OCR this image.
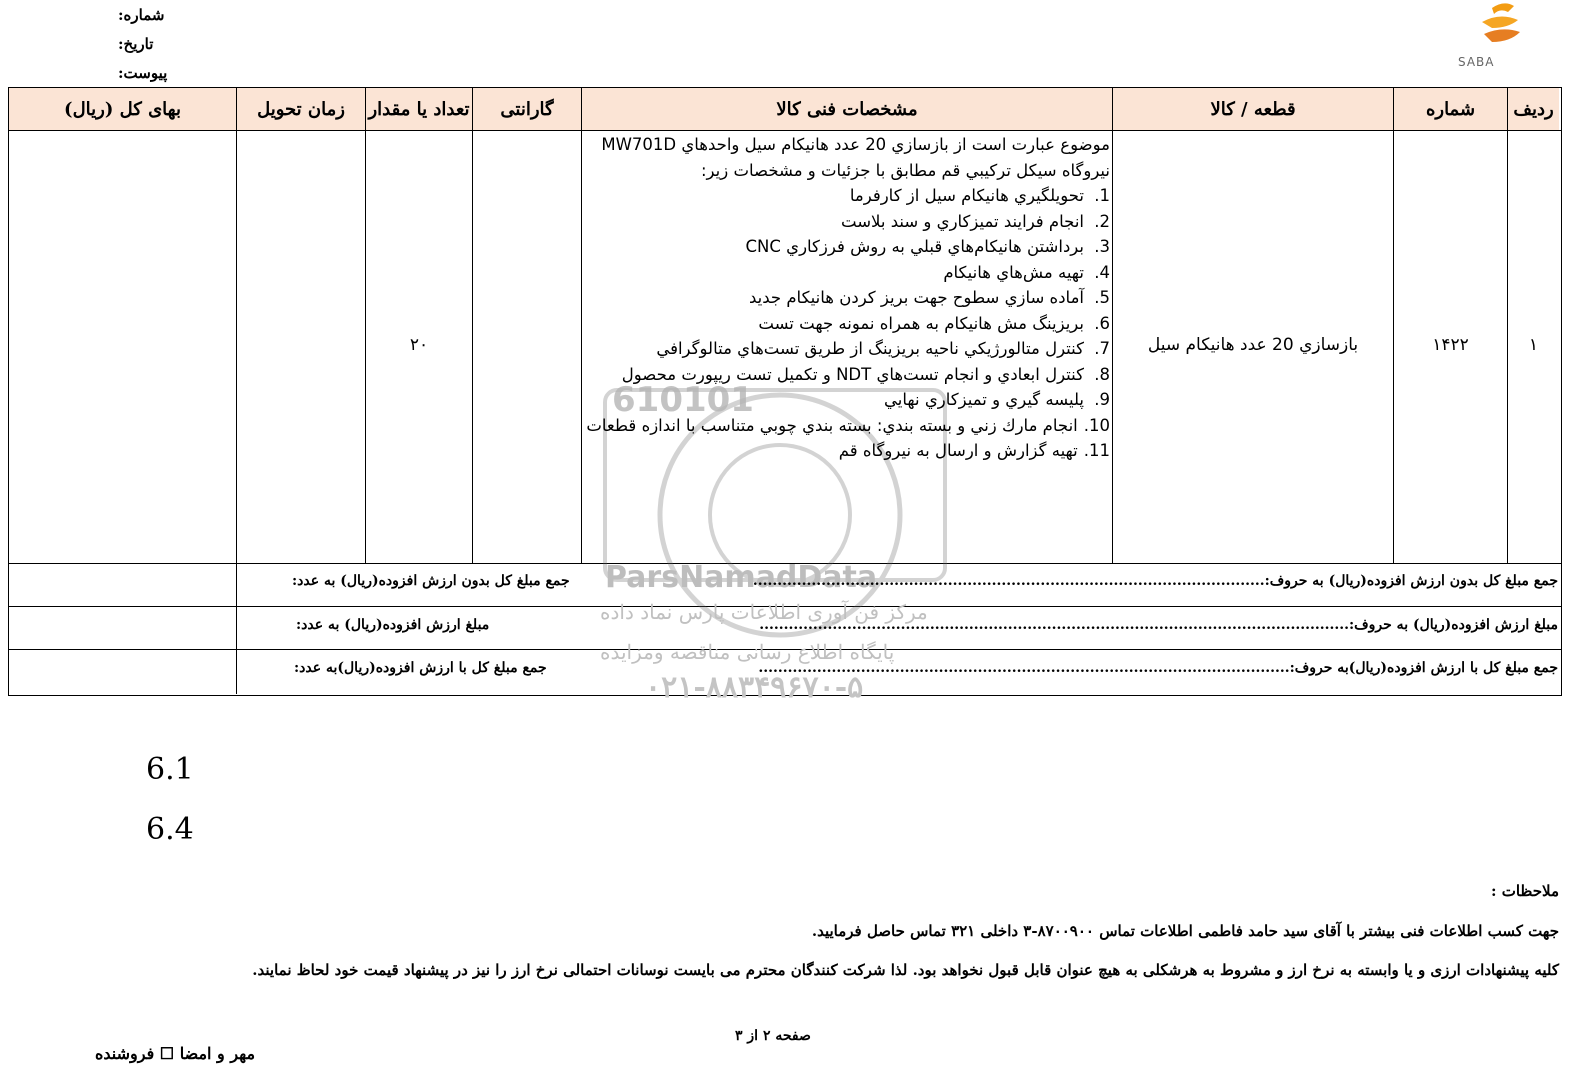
شماره:
تاریخ:
پیوست:
SABA
ردیف
شماره
قطعه / کالا
مشخصات فنی کالا
گارانتی
تعداد یا مقدار
زمان تحویل
بهای کل (ریال)
610101
ParsNamadData
مرکز فن آوری اطلاعات پارس نماد داده
پایگاه اطلاع رسانی مناقصه ومزایده
۰۲۱-۸۸۳۴۹۶۷۰-۵
۱
۱۴۲۲
بازسازي 20 عدد هانيكام سيل
۲۰
موضوع عبارت است از بازسازي 20 عدد هانيكام سيل واحدهاي MW701D نيروگاه سيكل تركيبي قم مطابق با جزئيات و مشخصات زير:
1.تحويلگيري هانيكام سيل از كارفرما
2.انجام فرايند تميزكاري و سند بلاست
3.برداشتن هانيكام‌هاي قبلي به روش فرزكاري CNC
4.تهيه مش‌هاي هانيكام
5.آماده سازي سطوح جهت بريز كردن هانيكام جديد
6.بريزينگ مش هانيكام به همراه نمونه جهت تست
7.كنترل متالورژيكي ناحيه بريزينگ از طريق تست‌هاي متالوگرافي
8.كنترل ابعادي و انجام تست‌هاي NDT و تكميل تست ريپورت محصول
9.پليسه گيري و تميزكاري نهايي
10.انجام مارك زني و بسته بندي: بسته بندي چوبي متناسب با اندازه قطعات
11.تهيه گزارش و ارسال به نيروگاه قم
جمع مبلغ کل بدون ارزش افزوده(ریال) به حروف:.........................................................................................................
جمع مبلغ کل بدون ارزش افزوده(ریال) به عدد:
مبلغ ارزش افزوده(ریال) به حروف:.........................................................................................................................
مبلغ ارزش افزوده(ریال) به عدد:
جمع مبلغ کل با ارزش افزوده(ریال)به حروف:.............................................................................................................
جمع مبلغ کل با ارزش افزوده(ریال)به عدد:
6.1
6.4
ملاحظات :
جهت کسب اطلاعات فنی بیشتر با آقای سید حامد فاطمی اطلاعات تماس ۸۷۰۰۹۰۰-۳ داخلی ۳۲۱ تماس حاصل فرمایید.
کلیه پیشنهادات ارزی و یا وابسته به نرخ ارز و مشروط به هرشکلی به هیچ عنوان قابل قبول نخواهد بود. لذا شرکت کنندگان محترم می بایست نوسانات احتمالی نرخ ارز را نیز در پیشنهاد قیمت خود لحاظ نمایند.
صفحه ۲ از ۳
مهر و امضا ☐ فروشنده
